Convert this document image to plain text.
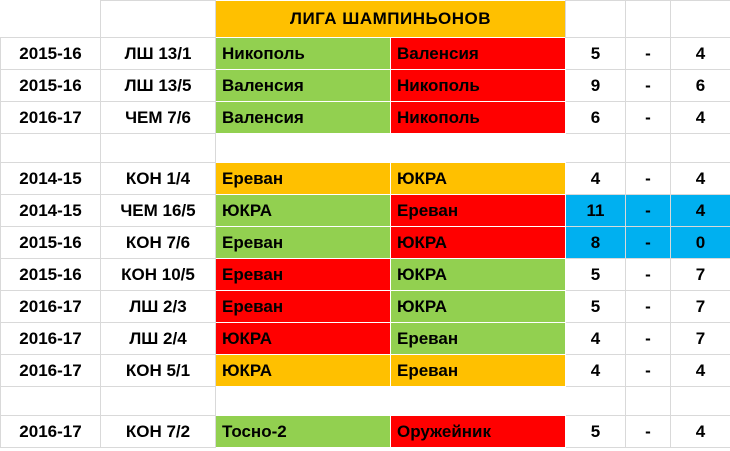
		ЛИГА ШАМПИНЬОНОВ				
2015-16	ЛШ 13/1	Никополь	Валенсия	5	-	4
2015-16	ЛШ 13/5	Валенсия	Никополь	9	-	6
2016-17	ЧЕМ 7/6	Валенсия	Никополь	6	-	4

2014-15	КОН 1/4	Ереван	ЮКРА	4	-	4
2014-15	ЧЕМ 16/5	ЮКРА	Ереван	11	-	4
2015-16	КОН 7/6	Ереван	ЮКРА	8	-	0
2015-16	КОН 10/5	Ереван	ЮКРА	5	-	7
2016-17	ЛШ 2/3	Ереван	ЮКРА	5	-	7
2016-17	ЛШ 2/4	ЮКРА	Ереван	4	-	7
2016-17	КОН 5/1	ЮКРА	Ереван	4	-	4

2016-17	КОН 7/2	Тосно-2	Оружейник	5	-	4
